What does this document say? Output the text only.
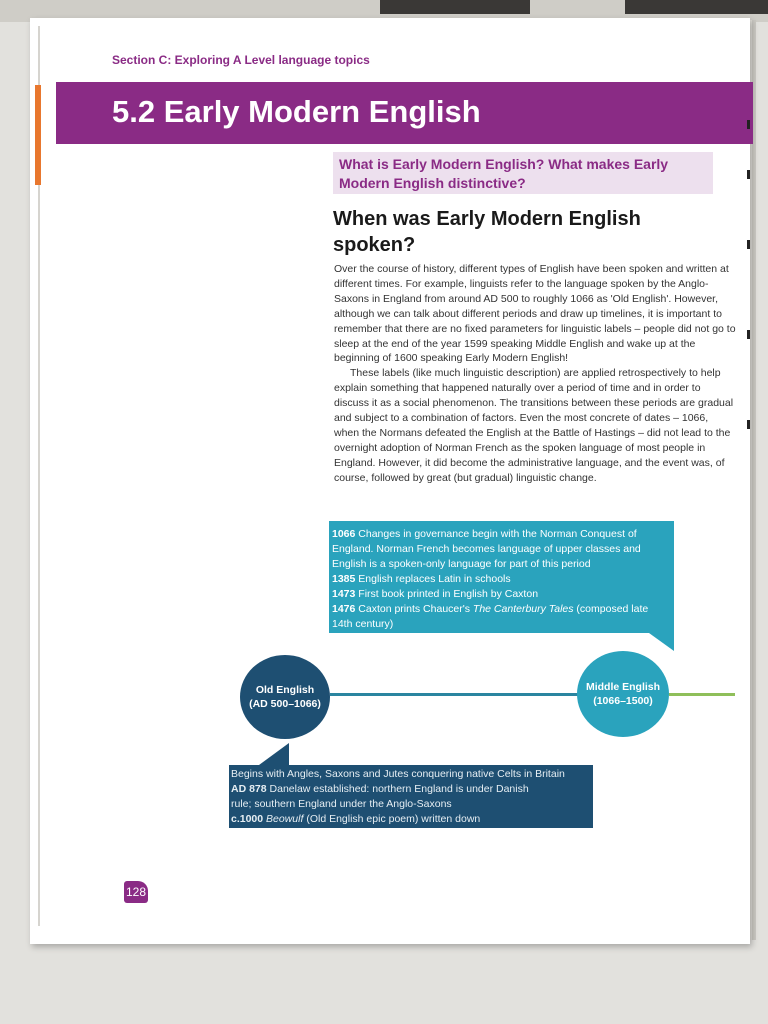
Section C: Exploring A Level language topics
5.2 Early Modern English
What is Early Modern English? What makes Early Modern English distinctive?
When was Early Modern English spoken?

Over the course of history, different types of English have been spoken and written at different times. For example, linguists refer to the language spoken by the Anglo-Saxons in England from around AD 500 to roughly 1066 as 'Old English'. However, although we can talk about different periods and draw up timelines, it is important to remember that there are no fixed parameters for linguistic labels – people did not go to sleep at the end of the year 1599 speaking Middle English and wake up at the beginning of 1600 speaking Early Modern English!

These labels (like much linguistic description) are applied retrospectively to help explain something that happened naturally over a period of time and in order to discuss it as a social phenomenon. The transitions between these periods are gradual and subject to a combination of factors. Even the most concrete of dates – 1066, when the Normans defeated the English at the Battle of Hastings – did not lead to the overnight adoption of Norman French as the spoken language of most people in England. However, it did become the administrative language, and the event was, of course, followed by great (but gradual) linguistic change.

1066 Changes in governance begin with the Norman Conquest of
England. Norman French becomes language of upper classes and
English is a spoken-only language for part of this period
1385 English replaces Latin in schools
1473 First book printed in English by Caxton
1476 Caxton prints Chaucer's The Canterbury Tales (composed late
14th century)
Old English
(AD 500–1066)
Middle English
(1066–1500)
Begins with Angles, Saxons and Jutes conquering native Celts in Britain
AD 878 Danelaw established: northern England is under Danish
rule; southern England under the Anglo-Saxons
c.1000 Beowulf (Old English epic poem) written down
128
